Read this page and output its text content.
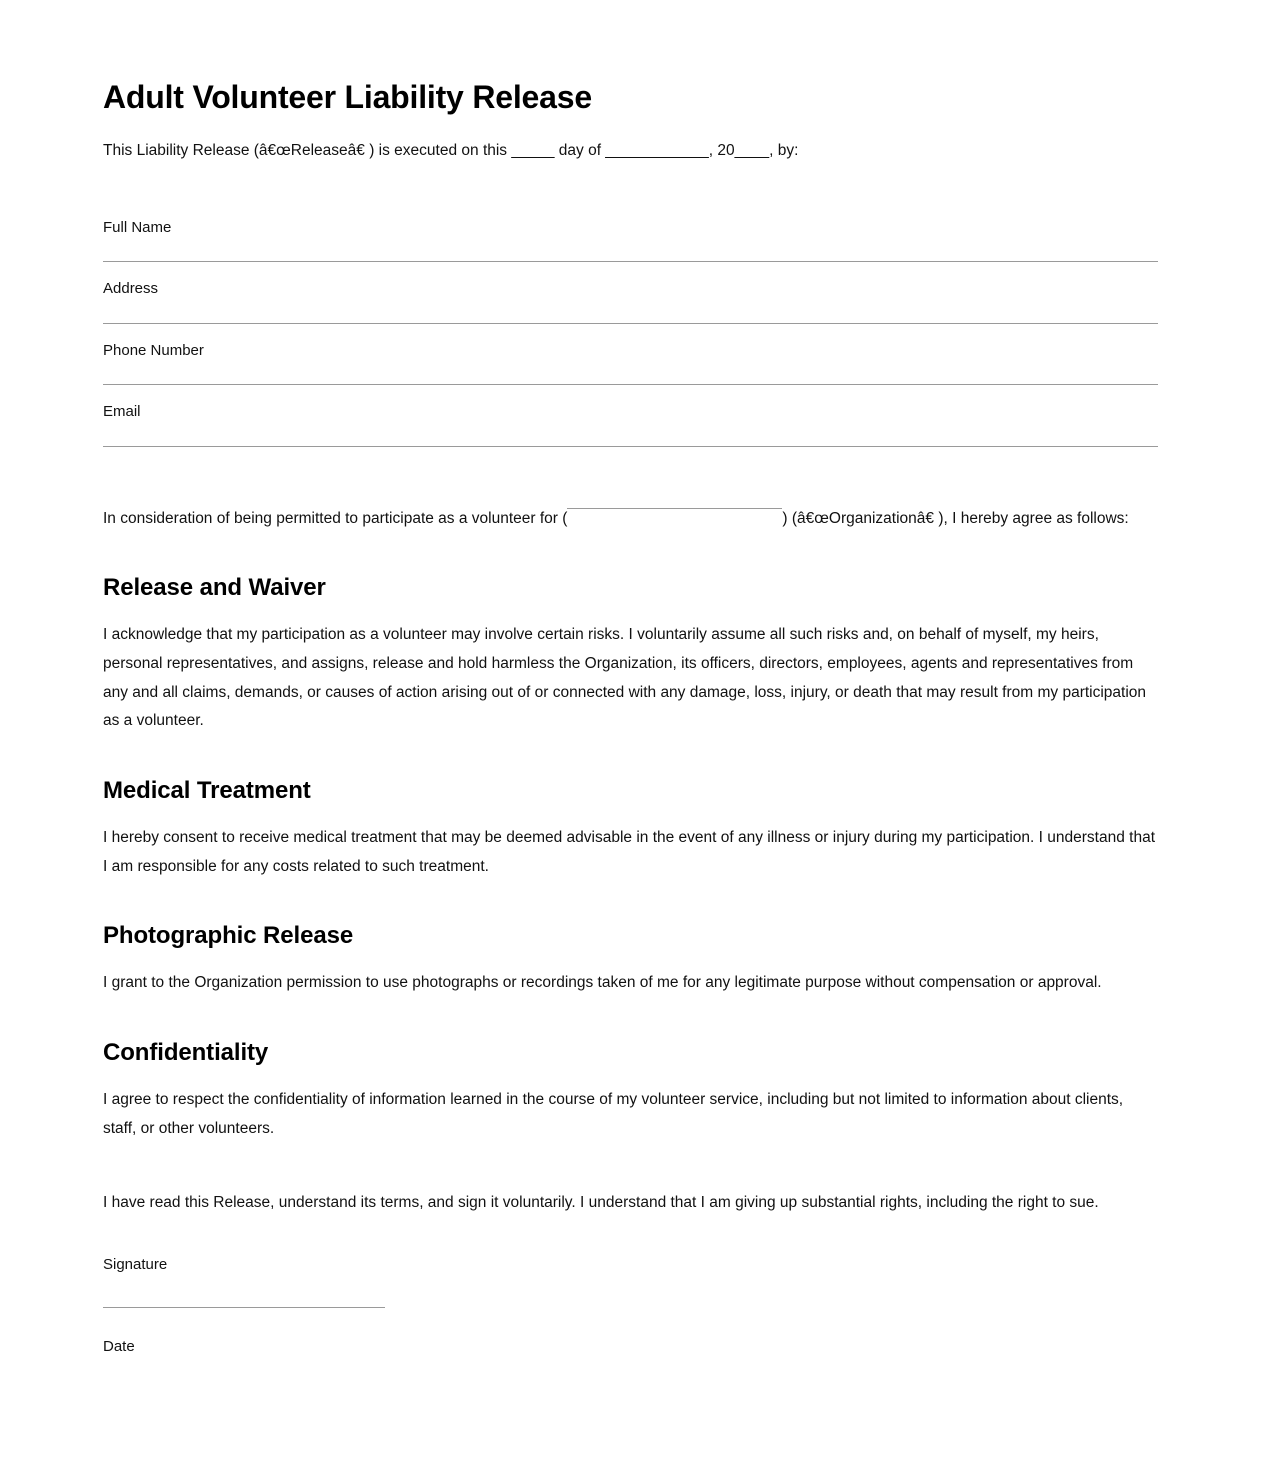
Adult Volunteer Liability Release

This Liability Release (â€œReleaseâ€ ) is executed on this _____ day of ____________, 20____, by:

Full Name
Address
Phone Number
Email

In consideration of being permitted to participate as a volunteer for (	) (â€œOrganizationâ€ ), I hereby agree as follows:

Release and Waiver

I acknowledge that my participation as a volunteer may involve certain risks. I voluntarily assume all such risks and, on behalf of myself, my heirs, personal representatives, and assigns, release and hold harmless the Organization, its officers, directors, employees, agents and representatives from any and all claims, demands, or causes of action arising out of or connected with any damage, loss, injury, or death that may result from my participation as a volunteer.

Medical Treatment

I hereby consent to receive medical treatment that may be deemed advisable in the event of any illness or injury during my participation. I understand that I am responsible for any costs related to such treatment.

Photographic Release

I grant to the Organization permission to use photographs or recordings taken of me for any legitimate purpose without compensation or approval.

Confidentiality

I agree to respect the confidentiality of information learned in the course of my volunteer service, including but not limited to information about clients, staff, or other volunteers.

I have read this Release, understand its terms, and sign it voluntarily. I understand that I am giving up substantial rights, including the right to sue.

Signature
Date
